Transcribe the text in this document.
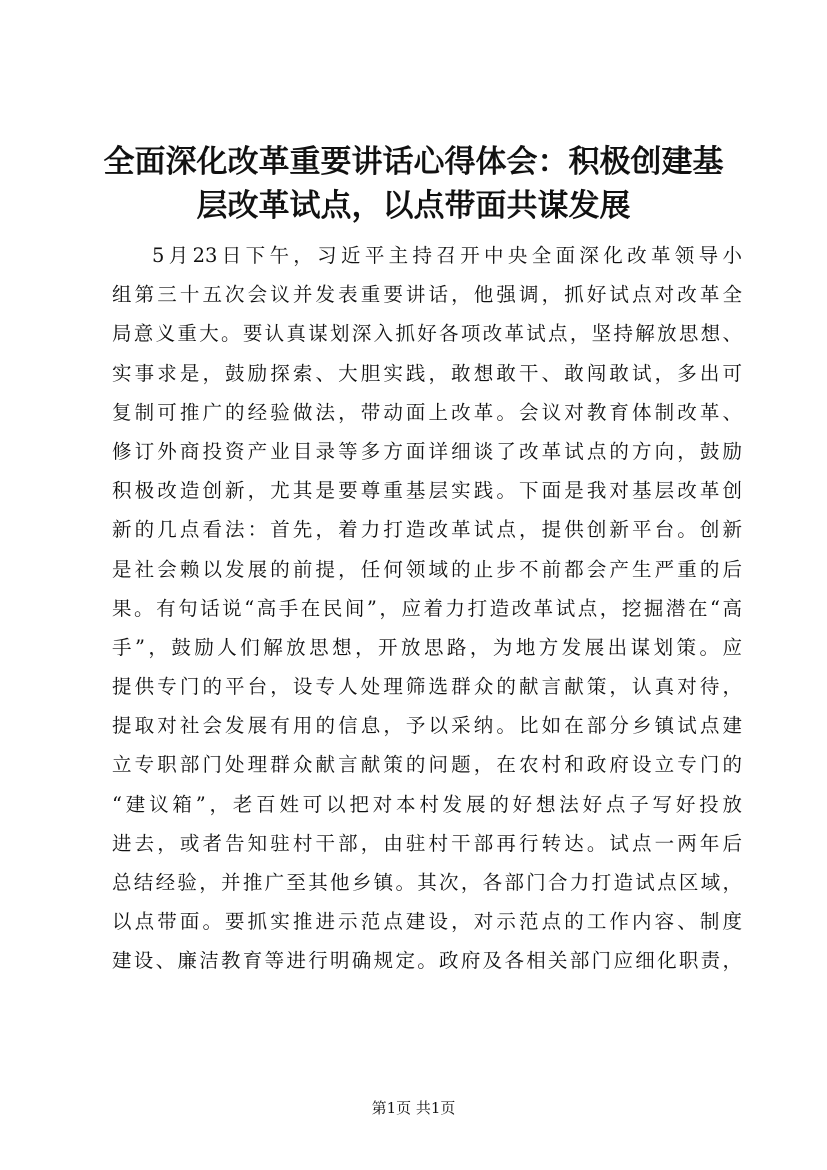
全面深化改革重要讲话心得体会：积极创建基
层改革试点，以点带面共谋发展
5月23日下午，习近平主持召开中央全面深化改革领导小
组第三十五次会议并发表重要讲话，他强调，抓好试点对改革全
局意义重大。要认真谋划深入抓好各项改革试点，坚持解放思想、
实事求是，鼓励探索、大胆实践，敢想敢干、敢闯敢试，多出可
复制可推广的经验做法，带动面上改革。会议对教育体制改革、
修订外商投资产业目录等多方面详细谈了改革试点的方向，鼓励
积极改造创新，尤其是要尊重基层实践。下面是我对基层改革创
新的几点看法：首先，着力打造改革试点，提供创新平台。创新
是社会赖以发展的前提，任何领域的止步不前都会产生严重的后
果。有句话说“高手在民间”，应着力打造改革试点，挖掘潜在“高
手”，鼓励人们解放思想，开放思路，为地方发展出谋划策。应
提供专门的平台，设专人处理筛选群众的献言献策，认真对待，
提取对社会发展有用的信息，予以采纳。比如在部分乡镇试点建
立专职部门处理群众献言献策的问题，在农村和政府设立专门的
“建议箱”，老百姓可以把对本村发展的好想法好点子写好投放
进去，或者告知驻村干部，由驻村干部再行转达。试点一两年后
总结经验，并推广至其他乡镇。其次，各部门合力打造试点区域，
以点带面。要抓实推进示范点建设，对示范点的工作内容、制度
建设、廉洁教育等进行明确规定。政府及各相关部门应细化职责，
第1页 共1页
